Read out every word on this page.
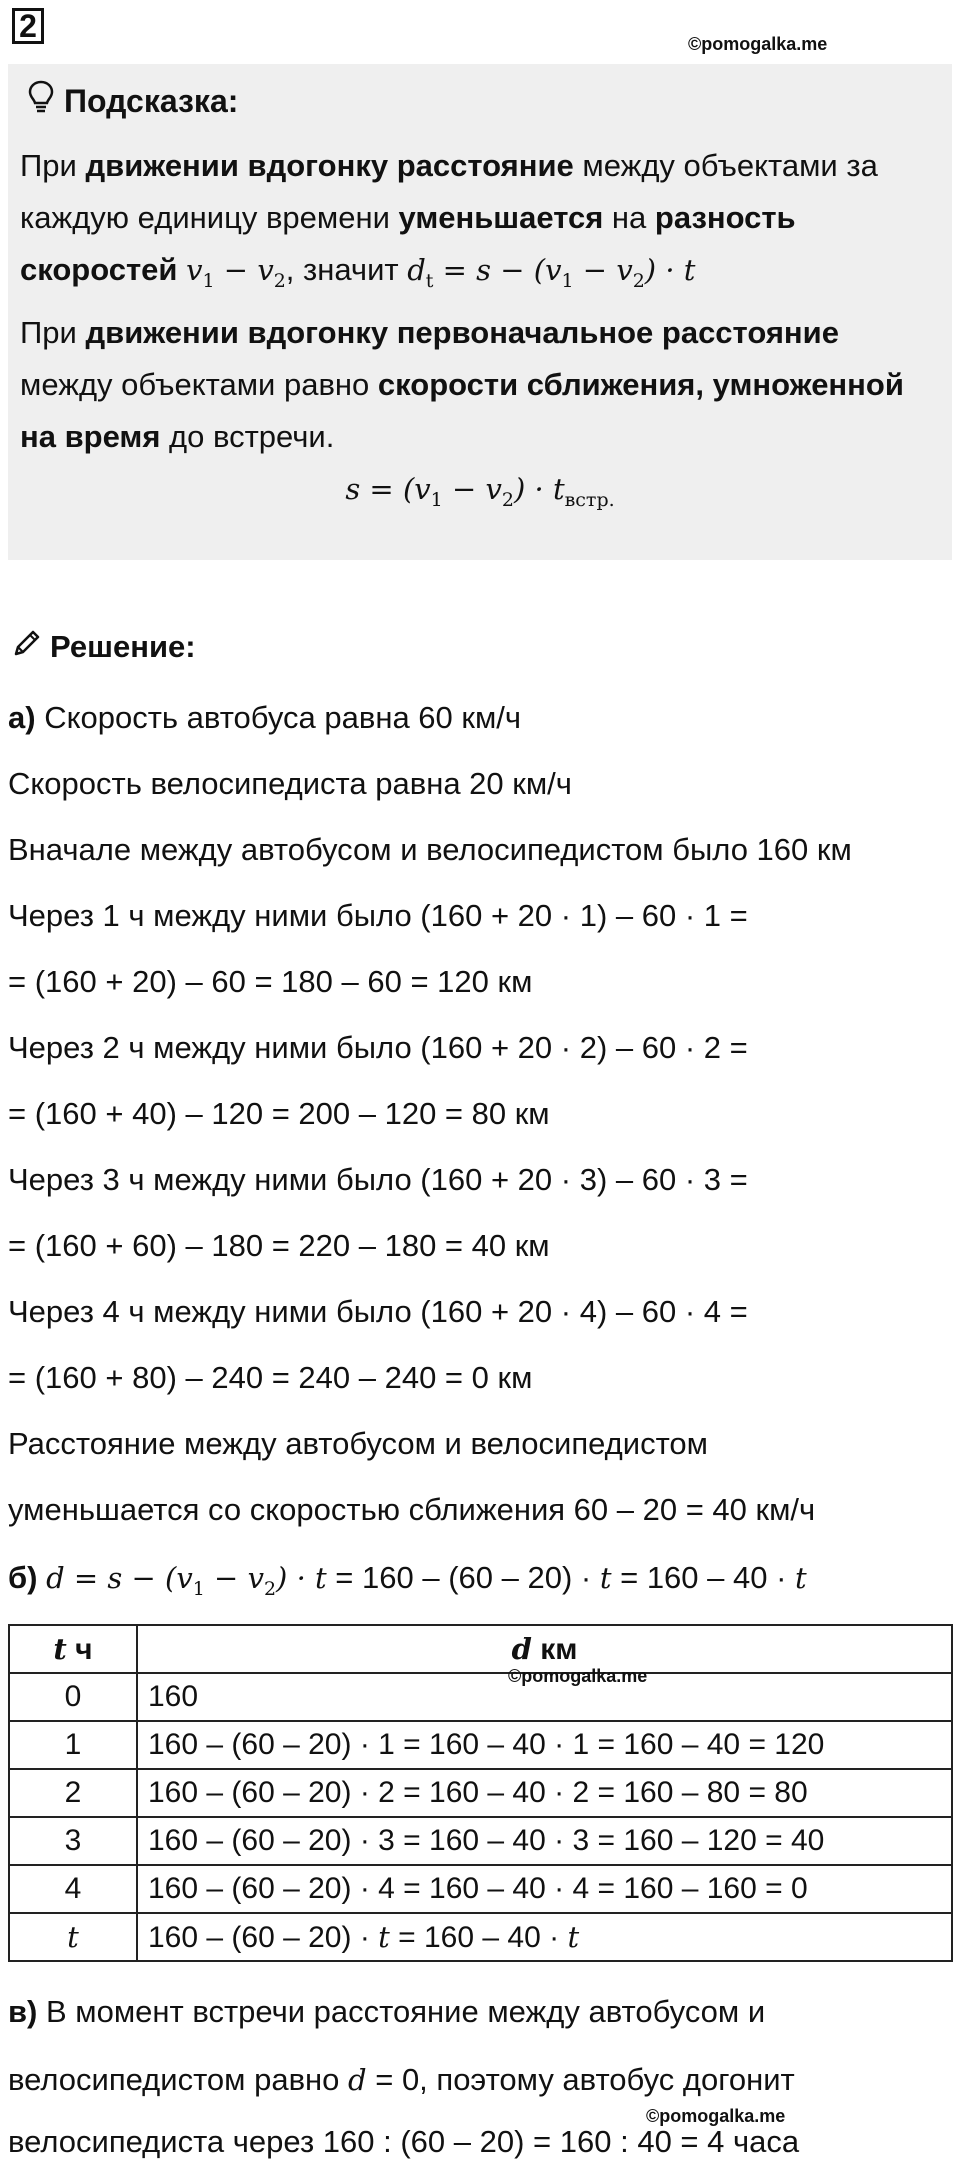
2	©pomogalka.me
Подсказка:
При движении вдогонку расстояние между объектами за каждую единицу времени уменьшается на разность скоростей $v_1 - v_2$, значит $d_t = s - (v_1 - v_2) \cdot t$
При движении вдогонку первоначальное расстояние между объектами равно скорости сближения, умноженной на время до встречи.
$s = (v_1 - v_2) \cdot t_{встр.}$
Решение:
а) Скорость автобуса равна 60 км/ч
Скорость велосипедиста равна 20 км/ч
Вначале между автобусом и велосипедистом было 160 км
Через 1 ч между ними было (160 + 20 · 1) – 60 · 1 =
= (160 + 20) – 60 = 180 – 60 = 120 км
Через 2 ч между ними было (160 + 20 · 2) – 60 · 2 =
= (160 + 40) – 120 = 200 – 120 = 80 км
Через 3 ч между ними было (160 + 20 · 3) – 60 · 3 =
= (160 + 60) – 180 = 220 – 180 = 40 км
Через 4 ч между ними было (160 + 20 · 4) – 60 · 4 =
= (160 + 80) – 240 = 240 – 240 = 0 км
Расстояние между автобусом и велосипедистом
уменьшается со скоростью сближения 60 – 20 = 40 км/ч
б) $d = s - (v_1 - v_2) \cdot t = 160 - (60 - 20) \cdot t = 160 - 40 \cdot t$
t ч	d км
0	160
1	160 – (60 – 20) · 1 = 160 – 40 · 1 = 160 – 40 = 120
2	160 – (60 – 20) · 2 = 160 – 40 · 2 = 160 – 80 = 80
3	160 – (60 – 20) · 3 = 160 – 40 · 3 = 160 – 120 = 40
4	160 – (60 – 20) · 4 = 160 – 40 · 4 = 160 – 160 = 0
t	160 – (60 – 20) · t = 160 – 40 · t
©pomogalka.me
в) В момент встречи расстояние между автобусом и
велосипедистом равно d = 0, поэтому автобус догонит
©pomogalka.me
велосипедиста через 160 : (60 – 20) = 160 : 40 = 4 часа
